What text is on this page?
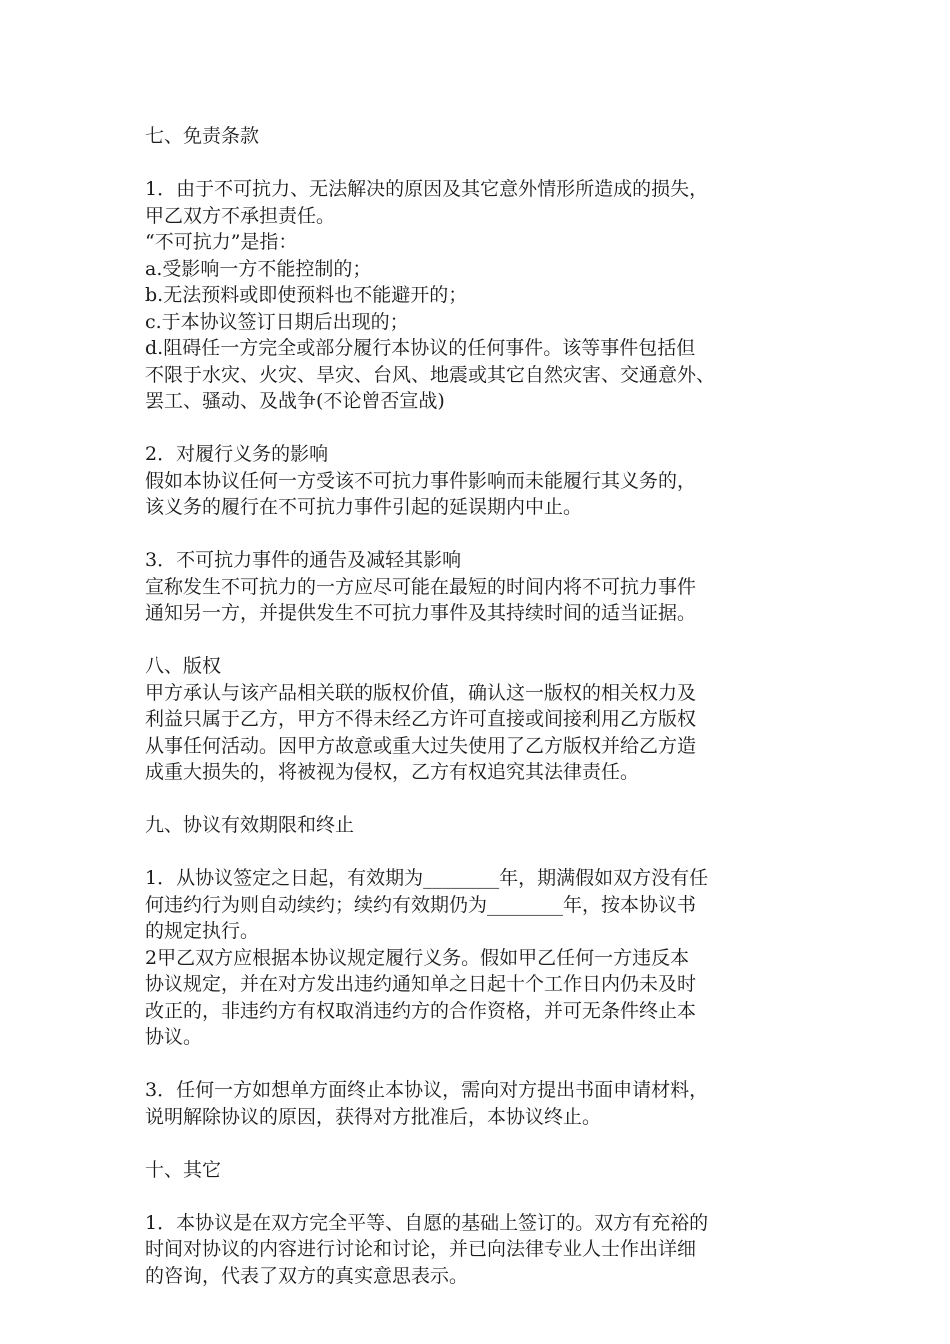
七、免责条款
1．由于不可抗力、无法解决的原因及其它意外情形所造成的损失，
甲乙双方不承担责任。
“不可抗力”是指：
a.受影响一方不能控制的；
b.无法预料或即使预料也不能避开的；
c.于本协议签订日期后出现的；
d.阻碍任一方完全或部分履行本协议的任何事件。该等事件包括但
不限于水灾、火灾、旱灾、台风、地震或其它自然灾害、交通意外、
罢工、骚动、及战争(不论曾否宣战)
2．对履行义务的影响
假如本协议任何一方受该不可抗力事件影响而未能履行其义务的，
该义务的履行在不可抗力事件引起的延误期内中止。
3．不可抗力事件的通告及减轻其影响
宣称发生不可抗力的一方应尽可能在最短的时间内将不可抗力事件
通知另一方，并提供发生不可抗力事件及其持续时间的适当证据。
八、版权
甲方承认与该产品相关联的版权价值，确认这一版权的相关权力及
利益只属于乙方，甲方不得未经乙方许可直接或间接利用乙方版权
从事任何活动。因甲方故意或重大过失使用了乙方版权并给乙方造
成重大损失的，将被视为侵权，乙方有权追究其法律责任。
九、协议有效期限和终止
1．从协议签定之日起，有效期为________年，期满假如双方没有任
何违约行为则自动续约；续约有效期仍为________年，按本协议书
的规定执行。
2甲乙双方应根据本协议规定履行义务。假如甲乙任何一方违反本
协议规定，并在对方发出违约通知单之日起十个工作日内仍未及时
改正的，非违约方有权取消违约方的合作资格，并可无条件终止本
协议。
3．任何一方如想单方面终止本协议，需向对方提出书面申请材料，
说明解除协议的原因，获得对方批准后，本协议终止。
十、其它
1．本协议是在双方完全平等、自愿的基础上签订的。双方有充裕的
时间对协议的内容进行讨论和讨论，并已向法律专业人士作出详细
的咨询，代表了双方的真实意思表示。
